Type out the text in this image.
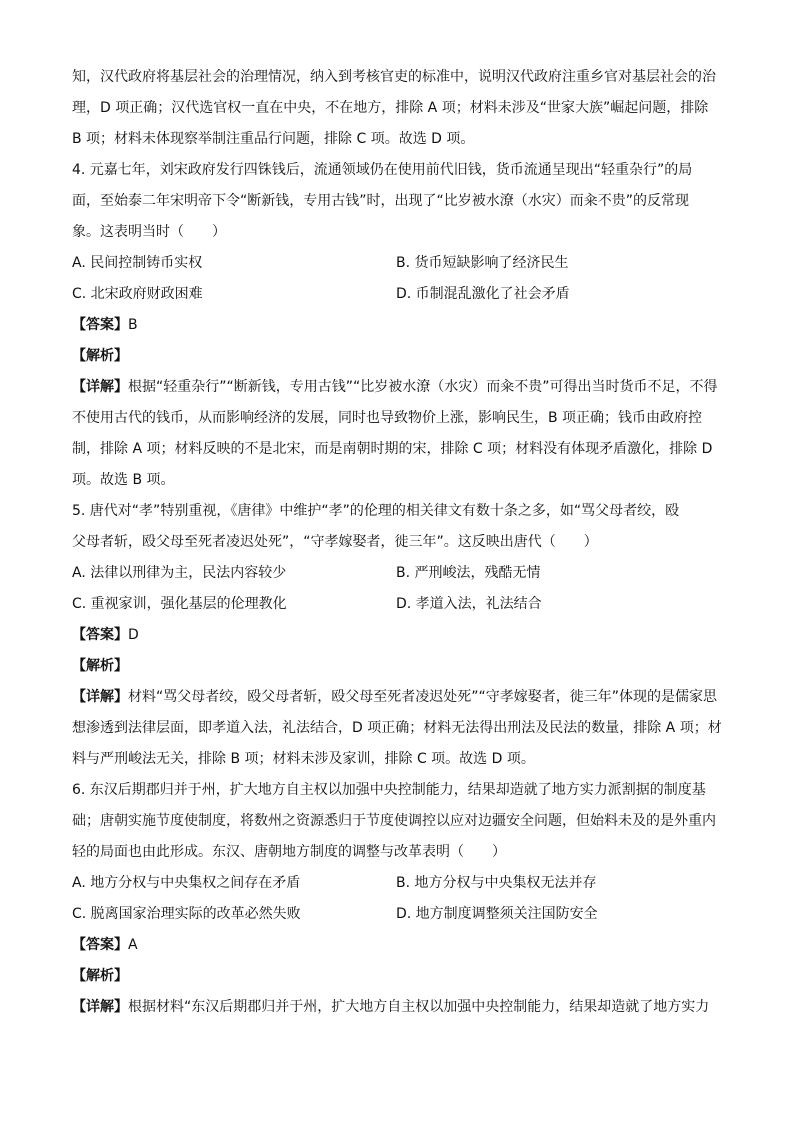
知，汉代政府将基层社会的治理情况，纳入到考核官吏的标准中，说明汉代政府注重乡官对基层社会的治
理，D 项正确；汉代选官权一直在中央，不在地方，排除 A 项；材料未涉及“世家大族”崛起问题，排除
B 项；材料未体现察举制注重品行问题，排除 C 项。故选 D 项。
4. 元嘉七年，刘宋政府发行四铢钱后，流通领域仍在使用前代旧钱，货币流通呈现出“轻重杂行”的局
面，至始泰二年宋明帝下令“断新钱，专用古钱”时，出现了“比岁被水潦（水灾）而籴不贵”的反常现
象。这表明当时（　　）
A. 民间控制铸币实权	B. 货币短缺影响了经济民生
C. 北宋政府财政困难	D. 币制混乱激化了社会矛盾
【答案】B
【解析】
【详解】根据“轻重杂行”“断新钱，专用古钱”“比岁被水潦（水灾）而籴不贵”可得出当时货币不足，不得
不使用古代的钱币，从而影响经济的发展，同时也导致物价上涨，影响民生，B 项正确；钱币由政府控
制，排除 A 项；材料反映的不是北宋，而是南朝时期的宋，排除 C 项；材料没有体现矛盾激化，排除 D
项。故选 B 项。
5. 唐代对“孝”特别重视，《唐律》中维护“孝”的伦理的相关律文有数十条之多，如“骂父母者绞，殴
父母者斩，殴父母至死者凌迟处死”，“守孝嫁娶者，徙三年”。这反映出唐代（　　）
A. 法律以刑律为主，民法内容较少	B. 严刑峻法，残酷无情
C. 重视家训，强化基层的伦理教化	D. 孝道入法，礼法结合
【答案】D
【解析】
【详解】材料“骂父母者绞，殴父母者斩，殴父母至死者凌迟处死”“守孝嫁娶者，徙三年”体现的是儒家思
想渗透到法律层面，即孝道入法，礼法结合，D 项正确；材料无法得出刑法及民法的数量，排除 A 项；材
料与严刑峻法无关，排除 B 项；材料未涉及家训，排除 C 项。故选 D 项。
6. 东汉后期郡归并于州，扩大地方自主权以加强中央控制能力，结果却造就了地方实力派割据的制度基
础；唐朝实施节度使制度，将数州之资源悉归于节度使调控以应对边疆安全问题，但始料未及的是外重内
轻的局面也由此形成。东汉、唐朝地方制度的调整与改革表明（　　）
A. 地方分权与中央集权之间存在矛盾	B. 地方分权与中央集权无法并存
C. 脱离国家治理实际的改革必然失败	D. 地方制度调整须关注国防安全
【答案】A
【解析】
【详解】根据材料“东汉后期郡归并于州，扩大地方自主权以加强中央控制能力，结果却造就了地方实力
